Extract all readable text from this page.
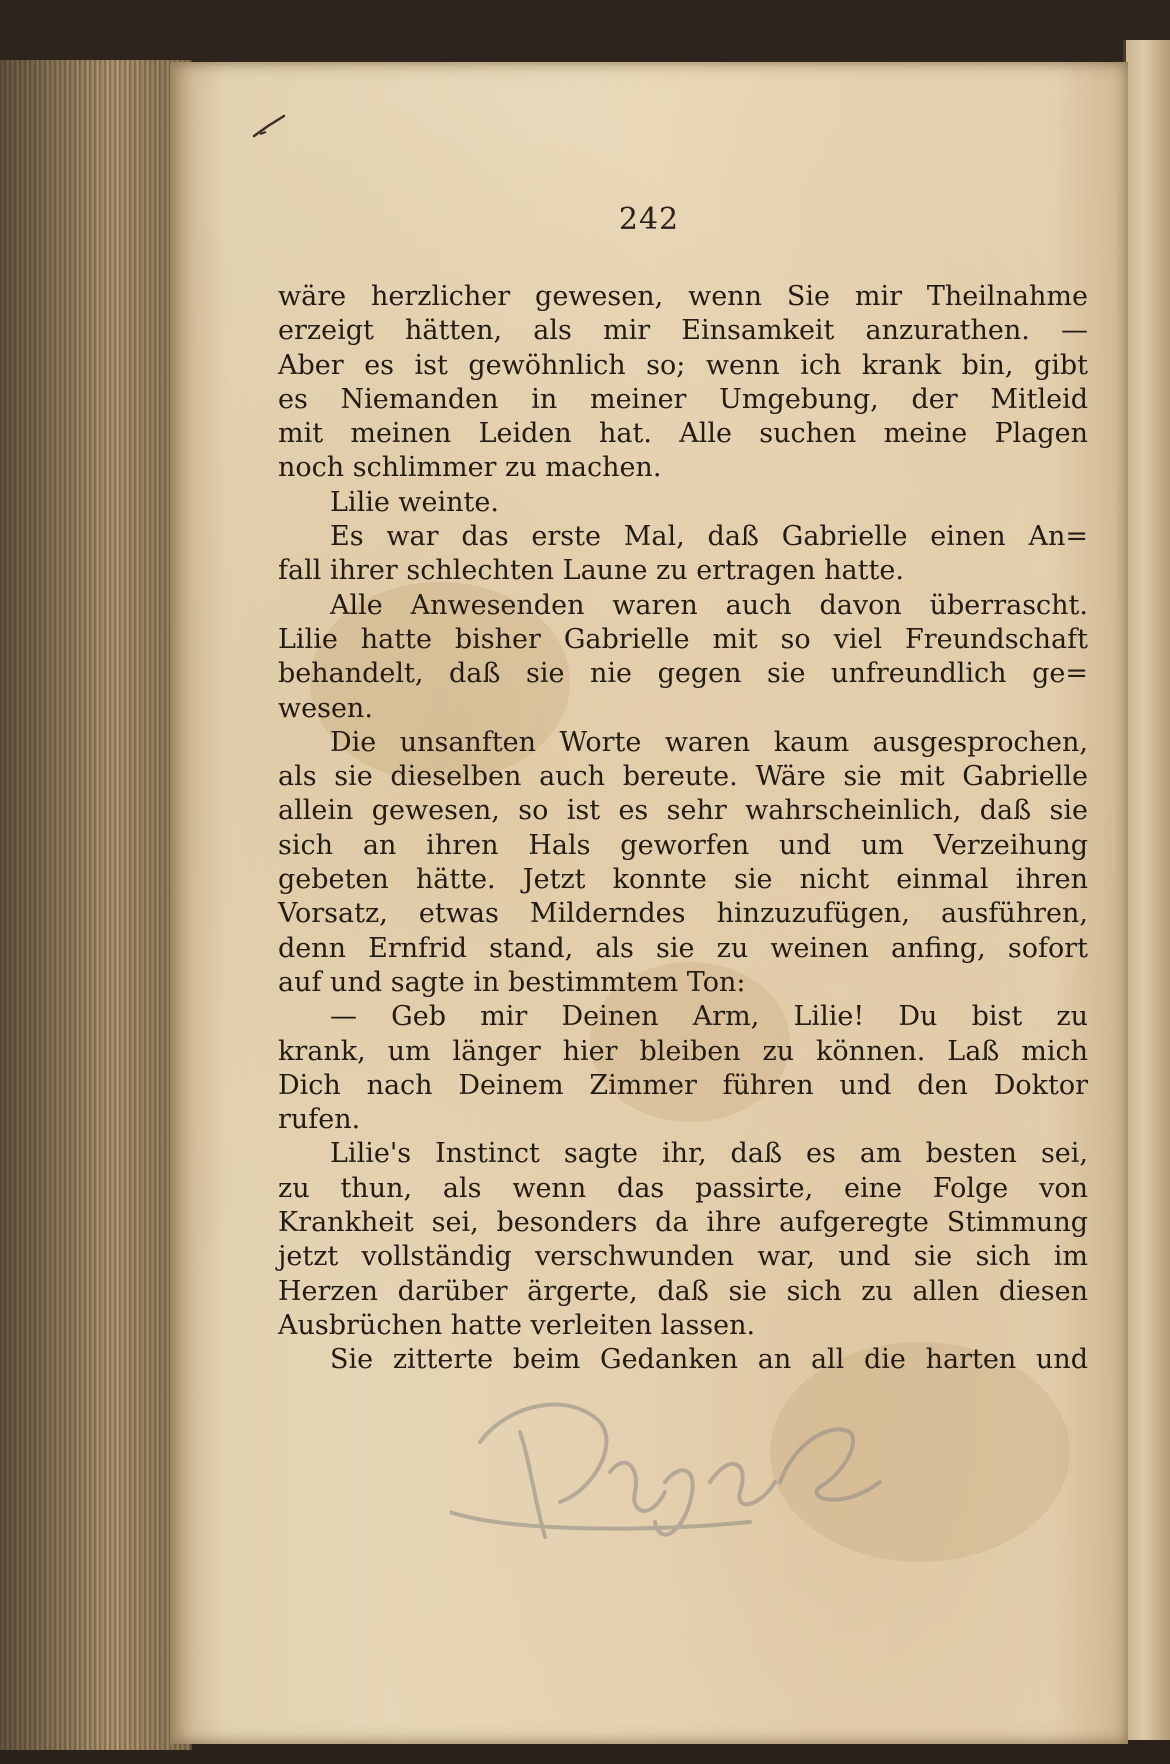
242
wäre herzlicher gewesen, wenn Sie mir Theilnahme
erzeigt hätten, als mir Einsamkeit anzurathen. —
Aber es ist gewöhnlich so; wenn ich krank bin, gibt
es Niemanden in meiner Umgebung, der Mitleid
mit meinen Leiden hat. Alle suchen meine Plagen
noch schlimmer zu machen.
Lilie weinte.
Es war das erste Mal, daß Gabrielle einen An=
fall ihrer schlechten Laune zu ertragen hatte.
Alle Anwesenden waren auch davon überrascht.
Lilie hatte bisher Gabrielle mit so viel Freundschaft
behandelt, daß sie nie gegen sie unfreundlich ge=
wesen.
Die unsanften Worte waren kaum ausgesprochen,
als sie dieselben auch bereute. Wäre sie mit Gabrielle
allein gewesen, so ist es sehr wahrscheinlich, daß sie
sich an ihren Hals geworfen und um Verzeihung
gebeten hätte. Jetzt konnte sie nicht einmal ihren
Vorsatz, etwas Milderndes hinzuzufügen, ausführen,
denn Ernfrid stand, als sie zu weinen anfing, sofort
auf und sagte in bestimmtem Ton:
— Geb mir Deinen Arm, Lilie! Du bist zu
krank, um länger hier bleiben zu können. Laß mich
Dich nach Deinem Zimmer führen und den Doktor
rufen.
Lilie's Instinct sagte ihr, daß es am besten sei,
zu thun, als wenn das passirte, eine Folge von
Krankheit sei, besonders da ihre aufgeregte Stimmung
jetzt vollständig verschwunden war, und sie sich im
Herzen darüber ärgerte, daß sie sich zu allen diesen
Ausbrüchen hatte verleiten lassen.
Sie zitterte beim Gedanken an all die harten und
